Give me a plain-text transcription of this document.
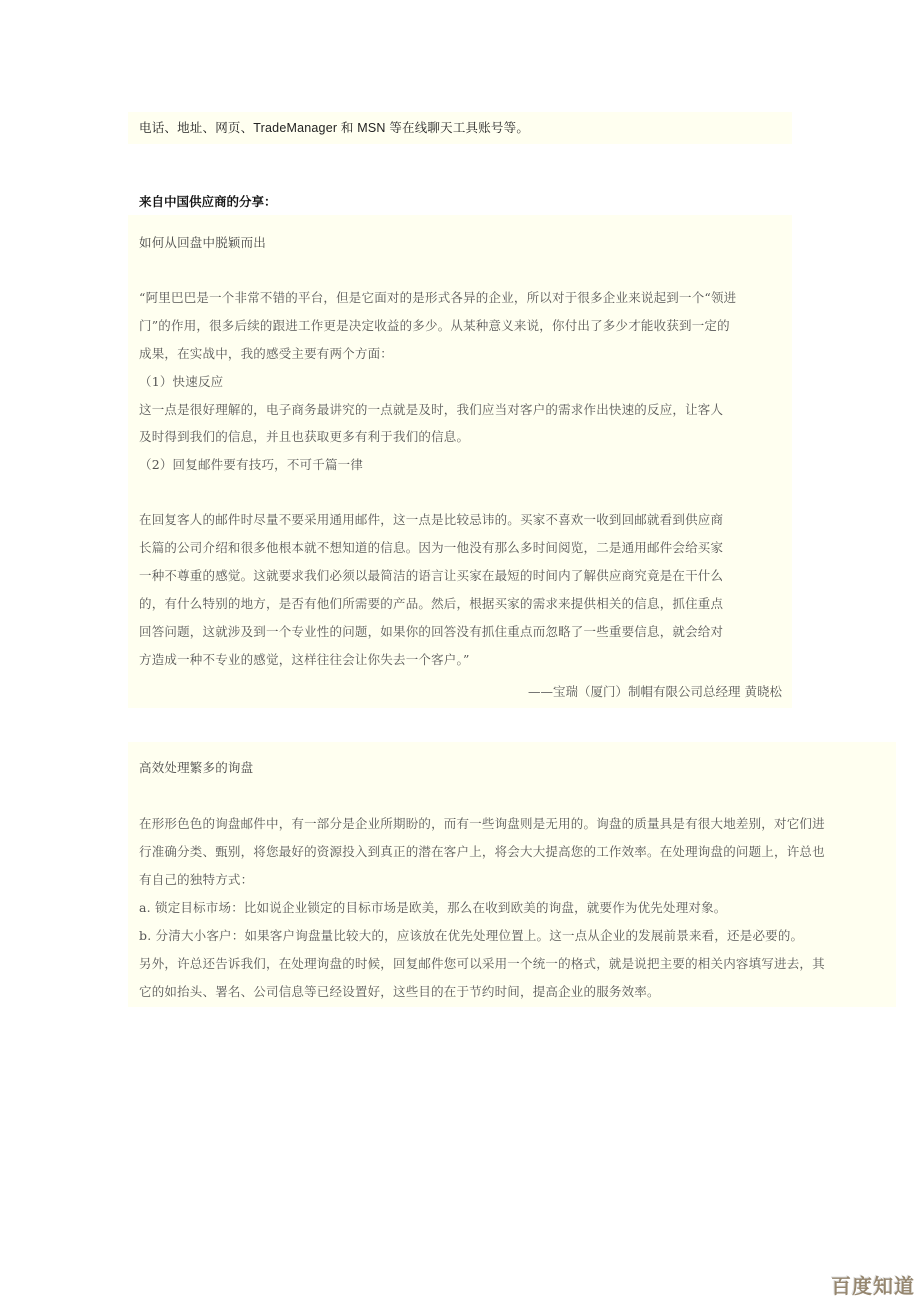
电话、地址、网页、TradeManager 和 MSN 等在线聊天工具账号等。
来自中国供应商的分享：
如何从回盘中脱颖而出
“阿里巴巴是一个非常不错的平台，但是它面对的是形式各异的企业，所以对于很多企业来说起到一个“领进
门”的作用，很多后续的跟进工作更是决定收益的多少。从某种意义来说，你付出了多少才能收获到一定的
成果，在实战中，我的感受主要有两个方面：
（1）快速反应
这一点是很好理解的，电子商务最讲究的一点就是及时，我们应当对客户的需求作出快速的反应，让客人
及时得到我们的信息，并且也获取更多有利于我们的信息。
（2）回复邮件要有技巧，不可千篇一律
在回复客人的邮件时尽量不要采用通用邮件，这一点是比较忌讳的。买家不喜欢一收到回邮就看到供应商
长篇的公司介绍和很多他根本就不想知道的信息。因为一他没有那么多时间阅览，二是通用邮件会给买家
一种不尊重的感觉。这就要求我们必须以最简洁的语言让买家在最短的时间内了解供应商究竟是在干什么
的，有什么特别的地方，是否有他们所需要的产品。然后，根据买家的需求来提供相关的信息，抓住重点
回答问题，这就涉及到一个专业性的问题，如果你的回答没有抓住重点而忽略了一些重要信息，就会给对
方造成一种不专业的感觉，这样往往会让你失去一个客户。”
——宝瑞（厦门）制帽有限公司总经理 黄晓松
高效处理繁多的询盘
在形形色色的询盘邮件中，有一部分是企业所期盼的，而有一些询盘则是无用的。询盘的质量具是有很大地差别，对它们进
行准确分类、甄别，将您最好的资源投入到真正的潜在客户上，将会大大提高您的工作效率。在处理询盘的问题上，许总也
有自己的独特方式：
a. 锁定目标市场：比如说企业锁定的目标市场是欧美，那么在收到欧美的询盘，就要作为优先处理对象。
b. 分清大小客户：如果客户询盘量比较大的，应该放在优先处理位置上。这一点从企业的发展前景来看，还是必要的。
另外，许总还告诉我们，在处理询盘的时候，回复邮件您可以采用一个统一的格式，就是说把主要的相关内容填写进去，其
它的如抬头、署名、公司信息等已经设置好，这些目的在于节约时间，提高企业的服务效率。
百度知道
